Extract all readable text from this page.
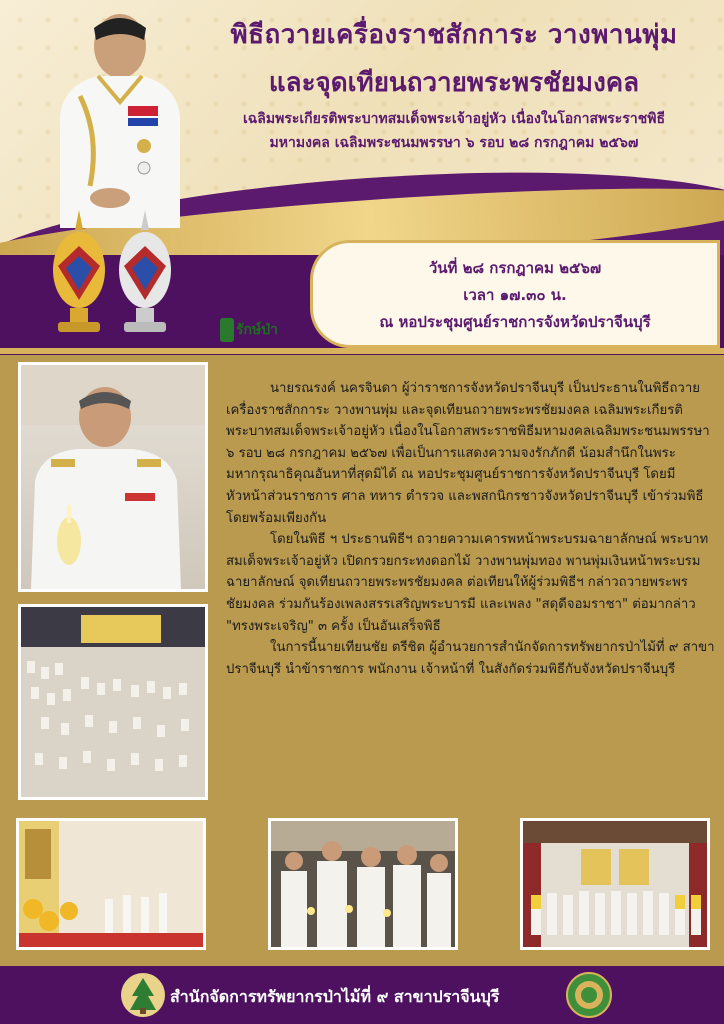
พิธีถวายเครื่องราชสักการะ วางพานพุ่ม
และจุดเทียนถวายพระพรชัยมงคล
เฉลิมพระเกียรติพระบาทสมเด็จพระเจ้าอยู่หัว เนื่องในโอกาสพระราชพิธี
มหามงคล เฉลิมพระชนมพรรษา ๖ รอบ ๒๘ กรกฎาคม ๒๕๖๗
วันที่ ๒๘ กรกฎาคม ๒๕๖๗
เวลา ๑๗.๓๐ น.
ณ หอประชุมศูนย์ราชการจังหวัดปราจีนบุรี
รักษ์ป่า

นายรณรงค์ นครจินดา ผู้ว่าราชการจังหวัดปราจีนบุรี เป็นประธานในพิธีถวายเครื่องราชสักการะ วางพานพุ่ม และจุดเทียนถวายพระพรชัยมงคล เฉลิมพระเกียรติพระบาทสมเด็จพระเจ้าอยู่หัว เนื่องในโอกาสพระราชพิธีมหามงคลเฉลิมพระชนมพรรษา ๖ รอบ ๒๘ กรกฎาคม ๒๕๖๗ เพื่อเป็นการแสดงความจงรักภักดี น้อมสำนึกในพระมหากรุณาธิคุณอันหาที่สุดมิได้ ณ หอประชุมศูนย์ราชการจังหวัดปราจีนบุรี โดยมีหัวหน้าส่วนราชการ ศาล ทหาร ตำรวจ และพสกนิกรชาวจังหวัดปราจีนบุรี เข้าร่วมพิธีโดยพร้อมเพียงกัน

โดยในพิธี ฯ ประธานพิธีฯ ถวายความเคารพหน้าพระบรมฉายาลักษณ์ พระบาทสมเด็จพระเจ้าอยู่หัว เปิดกรวยกระทงดอกไม้ วางพานพุ่มทอง พานพุ่มเงินหน้าพระบรมฉายาลักษณ์ จุดเทียนถวายพระพรชัยมงคล ต่อเทียนให้ผู้ร่วมพิธีฯ กล่าวถวายพระพรชัยมงคล ร่วมกันร้องเพลงสรรเสริญพระบารมี และเพลง "สดุดีจอมราชา" ต่อมากล่าว "ทรงพระเจริญ" ๓ ครั้ง เป็นอันเสร็จพิธี

ในการนี้นายเทียนชัย ตรีชิต ผู้อำนวยการสำนักจัดการทรัพยากรป่าไม้ที่ ๙ สาขาปราจีนบุรี นำข้าราชการ พนักงาน เจ้าหน้าที่ ในสังกัดร่วมพิธีกับจังหวัดปราจีนบุรี

สำนักจัดการทรัพยากรป่าไม้ที่ ๙ สาขาปราจีนบุรี
